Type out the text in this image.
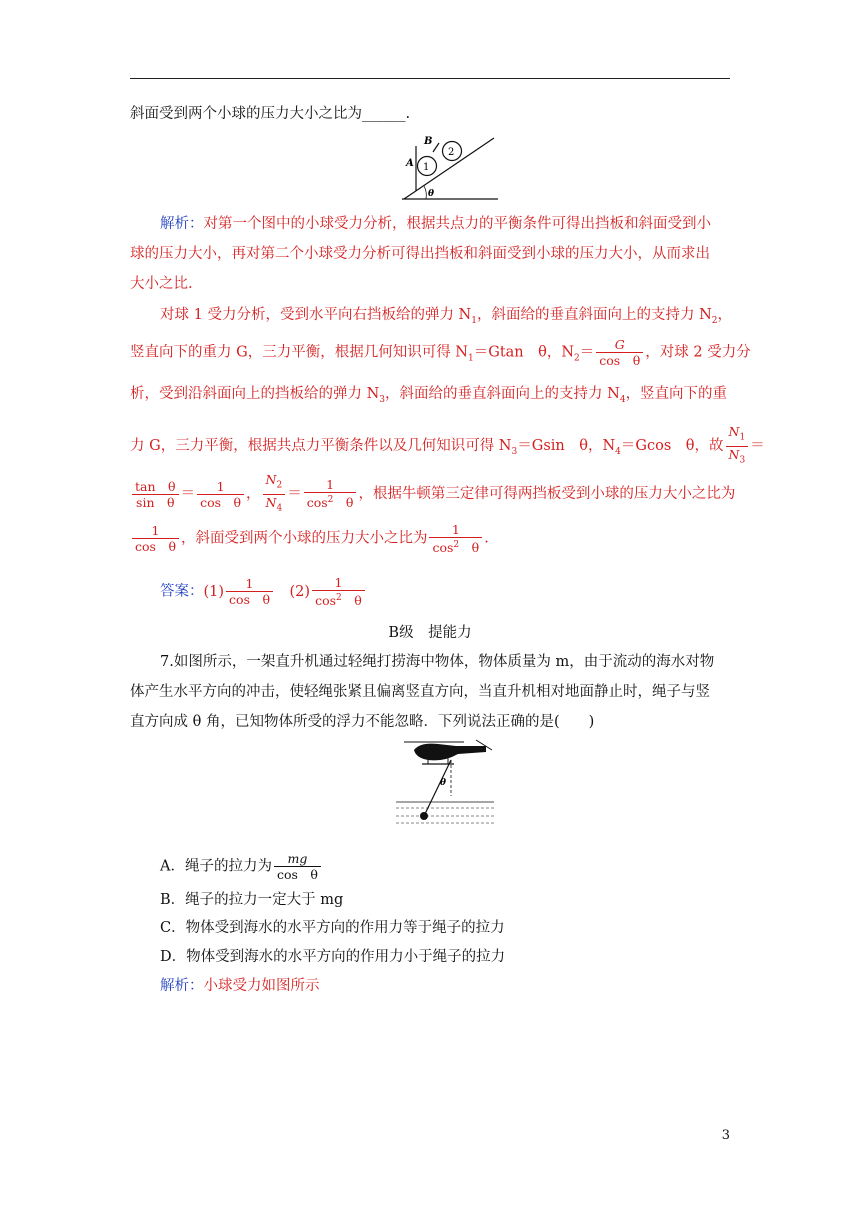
斜面受到两个小球的压力大小之比为______.
1
2
A
B
θ
解析：对第一个图中的小球受力分析，根据共点力的平衡条件可得出挡板和斜面受到小
球的压力大小，再对第二个小球受力分析可得出挡板和斜面受到小球的压力大小，从而求出
大小之比.
对球 1 受力分析，受到水平向右挡板给的弹力 $N_1$，斜面给的垂直斜面向上的支持力 $N_2$，
竖直向下的重力 G，三力平衡，根据几何知识可得 $N_1=Gtan$　θ，$N_2= \frac{G}{\text{cos　θ}}$ ，对球 2 受力分
析，受到沿斜面向上的挡板给的弹力 $N_3$，斜面给的垂直斜面向上的支持力 $N_4$，竖直向下的重
力 G，三力平衡，根据共点力平衡条件以及几何知识可得 $N_3=Gsin$　θ，$N_4=Gcos$　θ，故 $\frac{N_1}{N_3}$ ＝
$\frac{\text{tan　θ}}{\text{sin　θ}} = \frac{1}{\text{cos　θ}}$ ， $\frac{N_2}{N_4} = \frac{1}{\cos^2 \theta}$ ，根据牛顿第三定律可得两挡板受到小球的压力大小之比为
$\frac{1}{\text{cos　θ}}$ ，斜面受到两个小球的压力大小之比为 $\frac{1}{\cos^2 \theta}$ .
答案：$(1) \frac{1}{\text{cos　θ}}$
　 $(2) \frac{1}{\cos^2 \theta}$
B级　提能力
7.如图所示，一架直升机通过轻绳打捞海中物体，物体质量为 m，由于流动的海水对物
体产生水平方向的冲击，使轻绳张紧且偏离竖直方向，当直升机相对地面静止时，绳子与竖
直方向成 θ 角，已知物体所受的浮力不能忽略．下列说法正确的是(　　)
θ
A．绳子的拉力为 $\frac{mg}{\text{cos　θ}}$
B．绳子的拉力一定大于 mg
C．物体受到海水的水平方向的作用力等于绳子的拉力
D．物体受到海水的水平方向的作用力小于绳子的拉力
解析：小球受力如图所示
3
